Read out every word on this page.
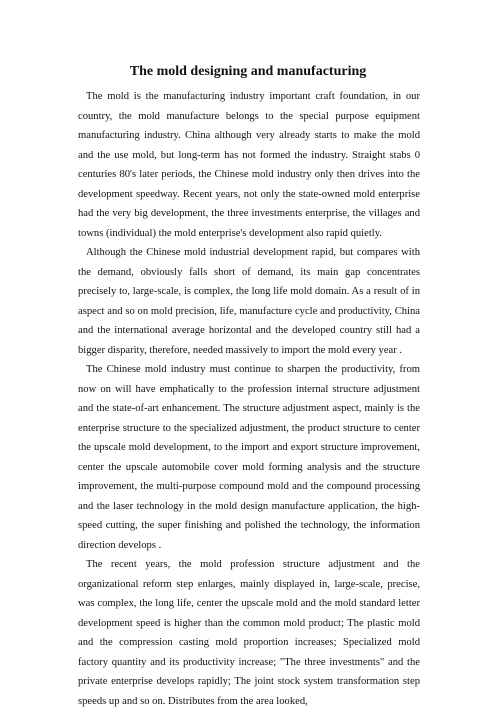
The mold designing and manufacturing

The mold is the manufacturing industry important craft foundation, in our country, the mold manufacture belongs to the special purpose equipment manufacturing industry. China although very already starts to make the mold and the use mold, but long-term has not formed the industry. Straight stabs 0 centuries 80's later periods, the Chinese mold industry only then drives into the development speedway. Recent years, not only the state-owned mold enterprise had the very big development, the three investments enterprise, the villages and towns (individual) the mold enterprise's development also rapid quietly.

Although the Chinese mold industrial development rapid, but compares with the demand, obviously falls short of demand, its main gap concentrates precisely to, large-scale, is complex, the long life mold domain. As a result of in aspect and so on mold precision, life, manufacture cycle and productivity, China and the international average horizontal and the developed country still had a bigger disparity, therefore, needed massively to import the mold every year .

The Chinese mold industry must continue to sharpen the productivity, from now on will have emphatically to the profession internal structure adjustment and the state-of-art enhancement. The structure adjustment aspect, mainly is the enterprise structure to the specialized adjustment, the product structure to center the upscale mold development, to the import and export structure improvement, center the upscale automobile cover mold forming analysis and the structure improvement, the multi-purpose compound mold and the compound processing and the laser technology in the mold design manufacture application, the high-speed cutting, the super finishing and polished the technology, the information direction develops .

The recent years, the mold profession structure adjustment and the organizational reform step enlarges, mainly displayed in, large-scale, precise, was complex, the long life, center the upscale mold and the mold standard letter development speed is higher than the common mold product; The plastic mold and the compression casting mold proportion increases; Specialized mold factory quantity and its productivity increase; "The three investments" and the private enterprise develops rapidly; The joint stock system transformation step speeds up and so on. Distributes from the area looked,
